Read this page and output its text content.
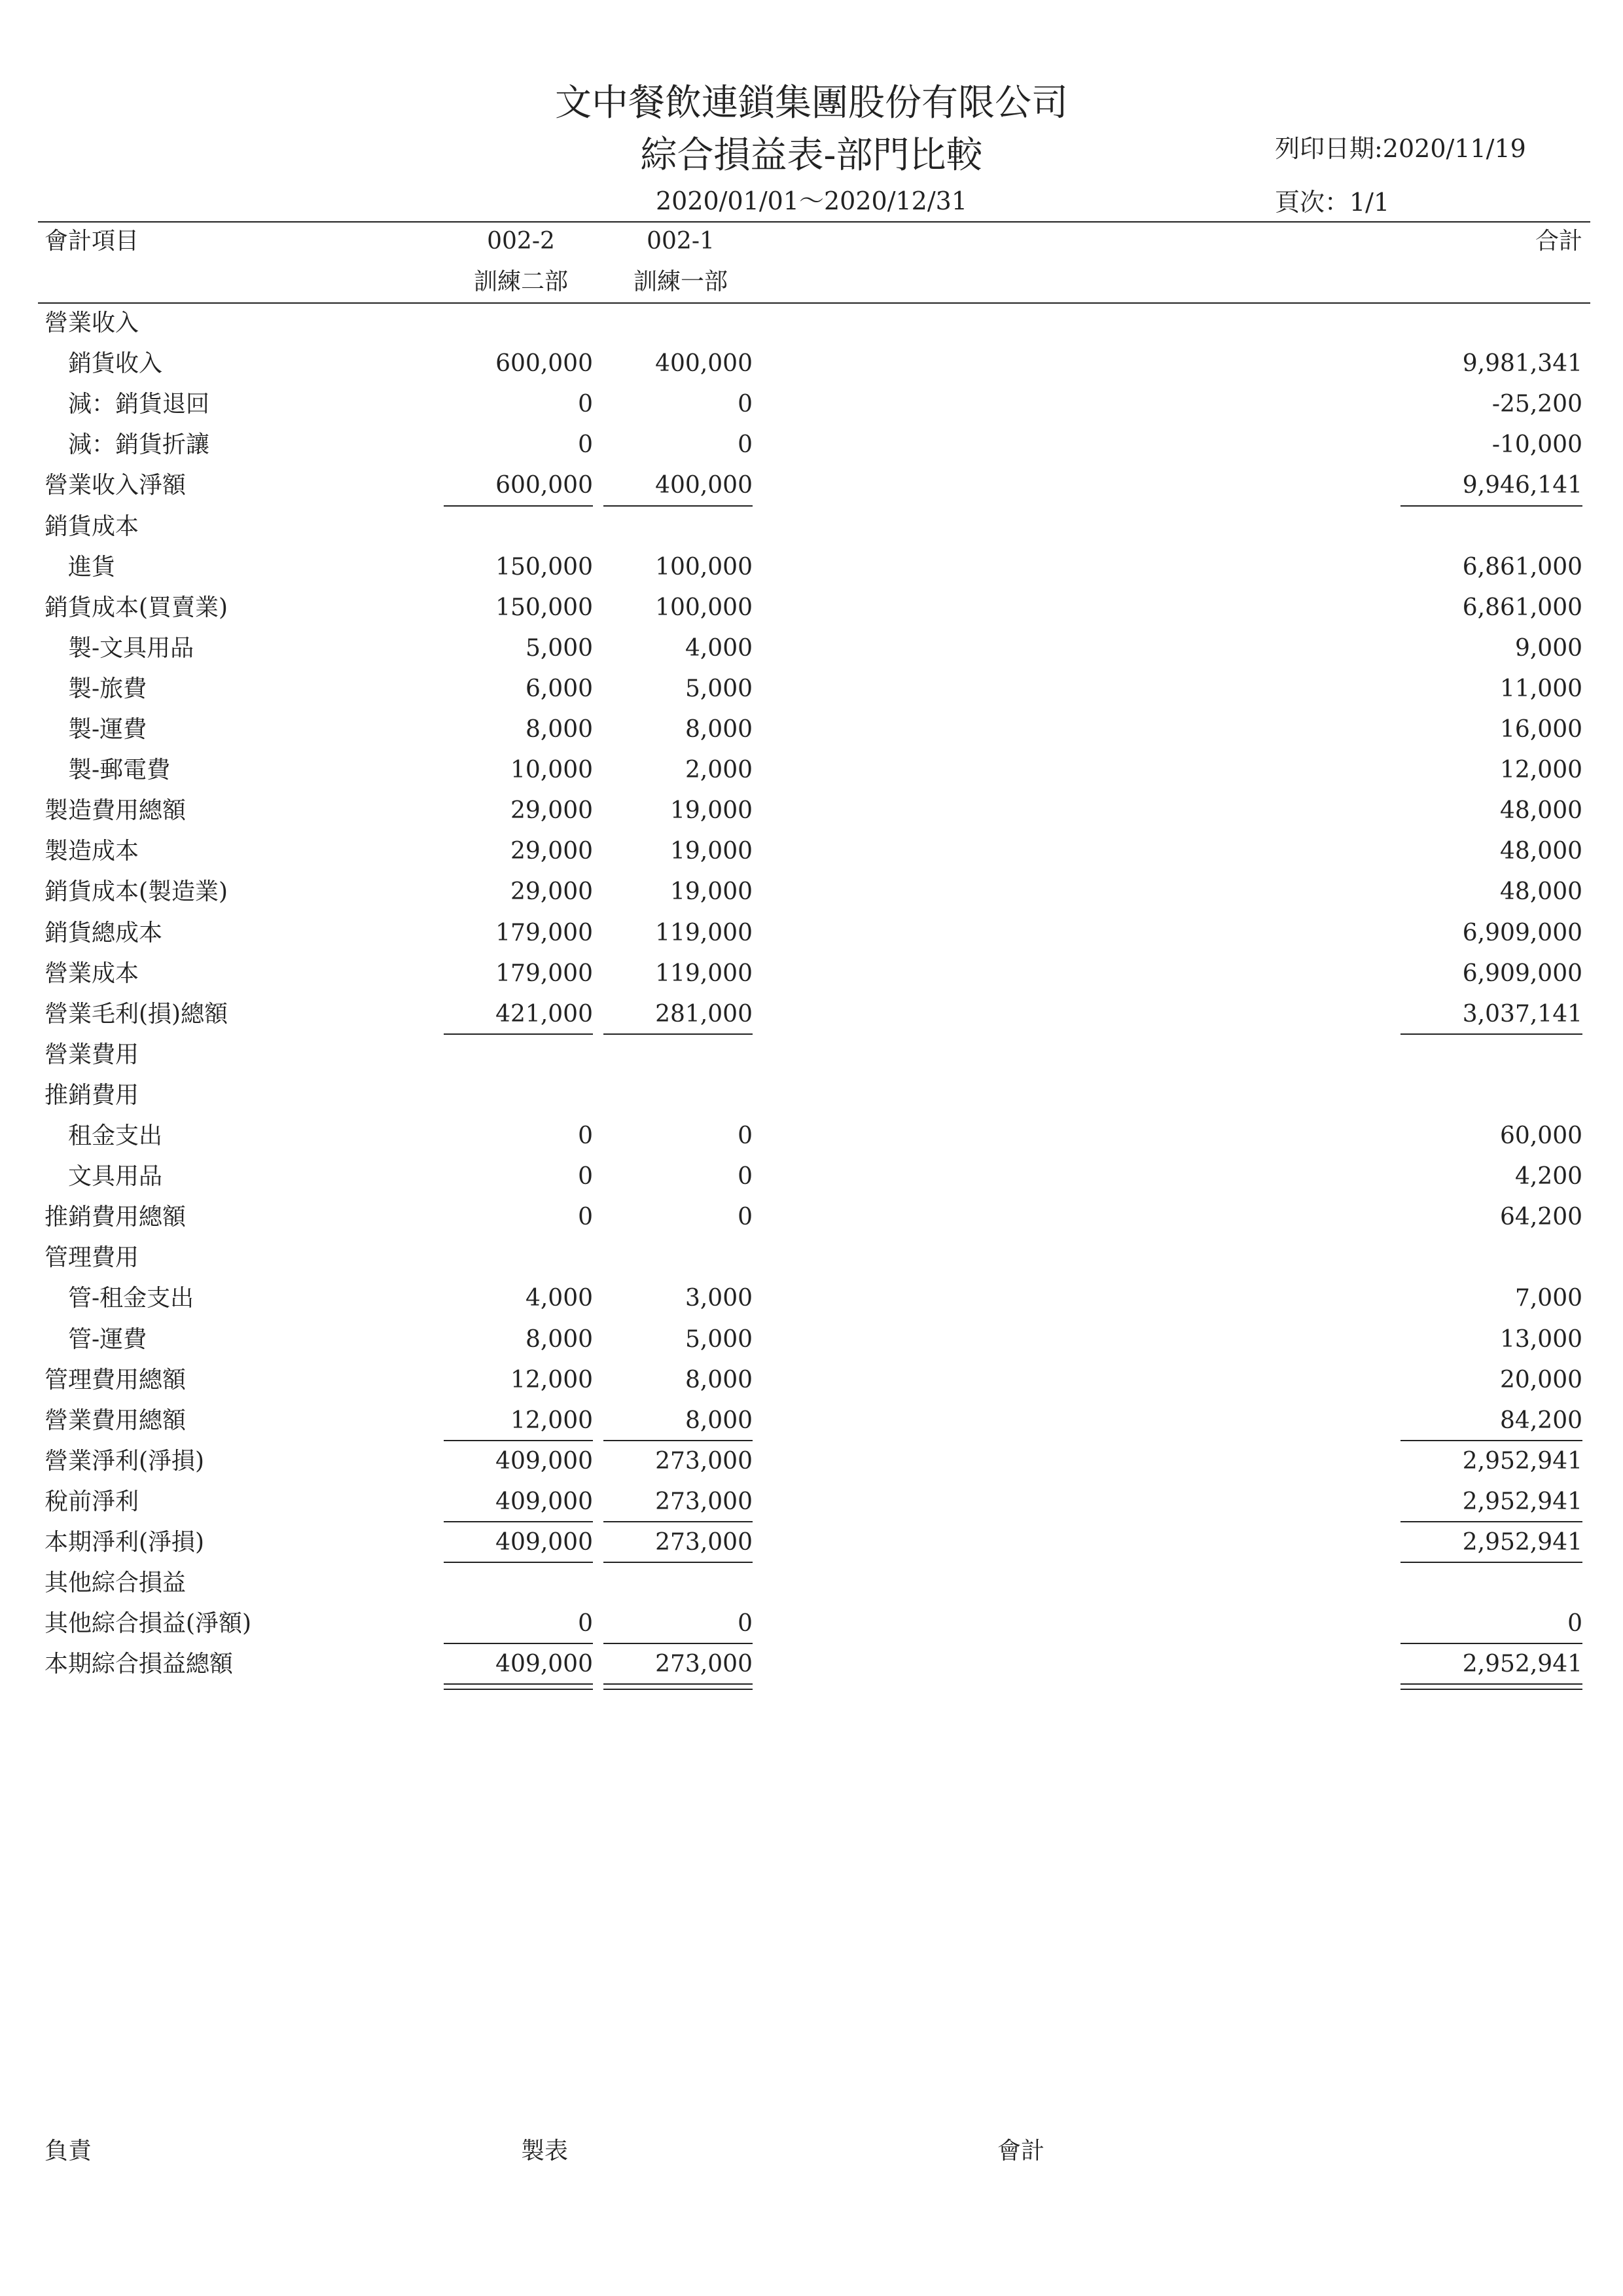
文中餐飲連鎖集團股份有限公司
綜合損益表-部門比較
2020/01/01～2020/12/31
列印日期:2020/11/19
頁次：1/1
會計項目	002-2	002-1	合計
訓練二部	訓練一部
營業收入
銷貨收入	600,000	400,000	9,981,341
減：銷貨退回	0	0	-25,200
減：銷貨折讓	0	0	-10,000
營業收入淨額	600,000	400,000	9,946,141
銷貨成本
進貨	150,000	100,000	6,861,000
銷貨成本(買賣業)	150,000	100,000	6,861,000
製-文具用品	5,000	4,000	9,000
製-旅費	6,000	5,000	11,000
製-運費	8,000	8,000	16,000
製-郵電費	10,000	2,000	12,000
製造費用總額	29,000	19,000	48,000
製造成本	29,000	19,000	48,000
銷貨成本(製造業)	29,000	19,000	48,000
銷貨總成本	179,000	119,000	6,909,000
營業成本	179,000	119,000	6,909,000
營業毛利(損)總額	421,000	281,000	3,037,141
營業費用
推銷費用
租金支出	0	0	60,000
文具用品	0	0	4,200
推銷費用總額	0	0	64,200
管理費用
管-租金支出	4,000	3,000	7,000
管-運費	8,000	5,000	13,000
管理費用總額	12,000	8,000	20,000
營業費用總額	12,000	8,000	84,200
營業淨利(淨損)	409,000	273,000	2,952,941
稅前淨利	409,000	273,000	2,952,941
本期淨利(淨損)	409,000	273,000	2,952,941
其他綜合損益
其他綜合損益(淨額)	0	0	0
本期綜合損益總額	409,000	273,000	2,952,941
負責	製表	會計
